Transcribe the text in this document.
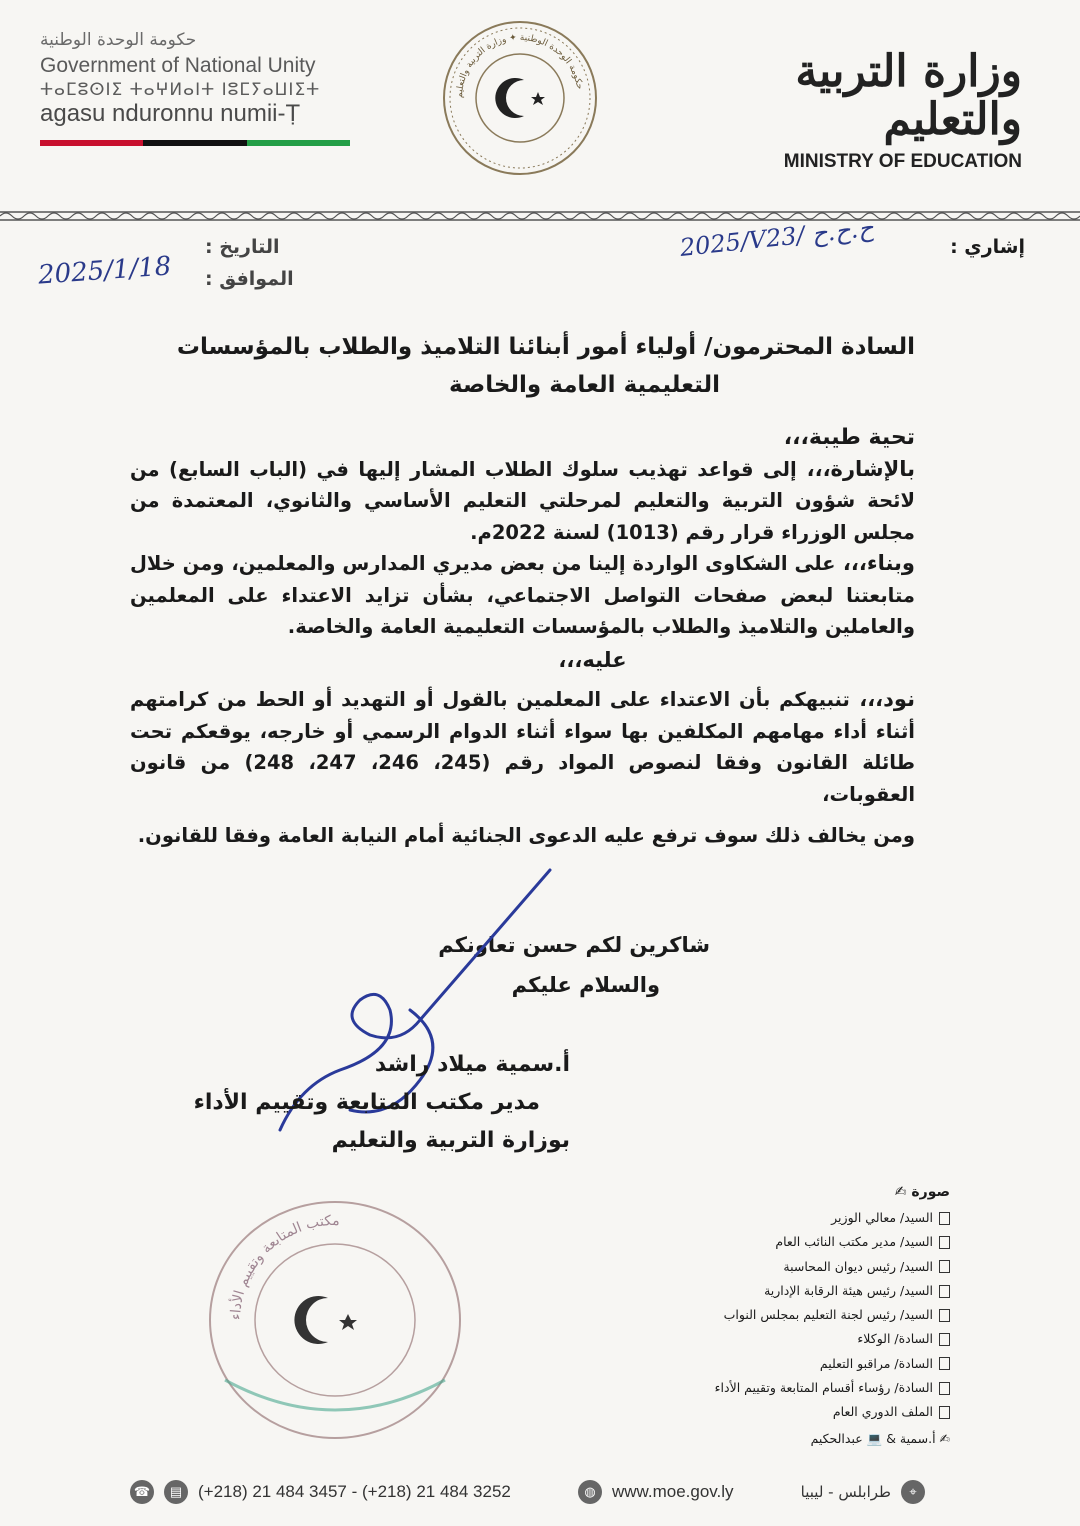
حكومة الوحدة الوطنية
Government of National Unity
ⵜⴰⵎⵓⵙⵏⵉ ⵜⴰⵖⵍⴰⵏⵜ ⵏⵓⵎⵢⴰⵡⵏⵉⵜ
agasu nduronnu numii-Ṭ
حكومة الوحدة الوطنية ✦ وزارة التربية والتعليم	وزارة التربية والتعليم
MINISTRY OF EDUCATION
إشاري :
2025/V23/ ح.ح.ح
التاريخ :
الموافق :
2025/1/18
السادة المحترمون/ أولياء أمور أبنائنا التلاميذ والطلاب بالمؤسسات
التعليمية العامة والخاصة
تحية طيبة،،،

بالإشارة،،، إلى قواعد تهذيب سلوك الطلاب المشار إليها في (الباب السابع) من لائحة شؤون التربية والتعليم لمرحلتي التعليم الأساسي والثانوي، المعتمدة من مجلس الوزراء قرار رقم (1013) لسنة 2022م.

وبناء،،، على الشكاوى الواردة إلينا من بعض مديري المدارس والمعلمين، ومن خلال متابعتنا لبعض صفحات التواصل الاجتماعي، بشأن تزايد الاعتداء على المعلمين والعاملين والتلاميذ والطلاب بالمؤسسات التعليمية العامة والخاصة.

عليه،،،

نود،،، تنبيهكم بأن الاعتداء على المعلمين بالقول أو التهديد أو الحط من كرامتهم أثناء أداء مهامهم المكلفين بها سواء أثناء الدوام الرسمي أو خارجه، يوقعكم تحت طائلة القانون وفقا لنصوص المواد رقم (245، 246، 247، 248) من قانون العقوبات،

ومن يخالف ذلك سوف ترفع عليه الدعوى الجنائية أمام النيابة العامة وفقا للقانون.

شاكرين لكم حسن تعاونكم
والسلام عليكم
أ.سمية ميلاد راشد
مدير مكتب المتابعة وتقييم الأداء
بوزارة التربية والتعليم
مكتب المتابعة وتقييم الأداء
صورة ✍
السيد/ معالي الوزير
السيد/ مدير مكتب النائب العام
السيد/ رئيس ديوان المحاسبة
السيد/ رئيس هيئة الرقابة الإدارية
السيد/ رئيس لجنة التعليم بمجلس النواب
السادة/ الوكلاء
السادة/ مراقبو التعليم
السادة/ رؤساء أقسام المتابعة وتقييم الأداء
الملف الدوري العام
✍ أ.سمية & 💻 عبدالحكيم
☎	▤ (+218) 21 484 3457 - (+218) 21 484 3252	◍ www.moe.gov.ly	طرابلس - ليبيا	⌖
